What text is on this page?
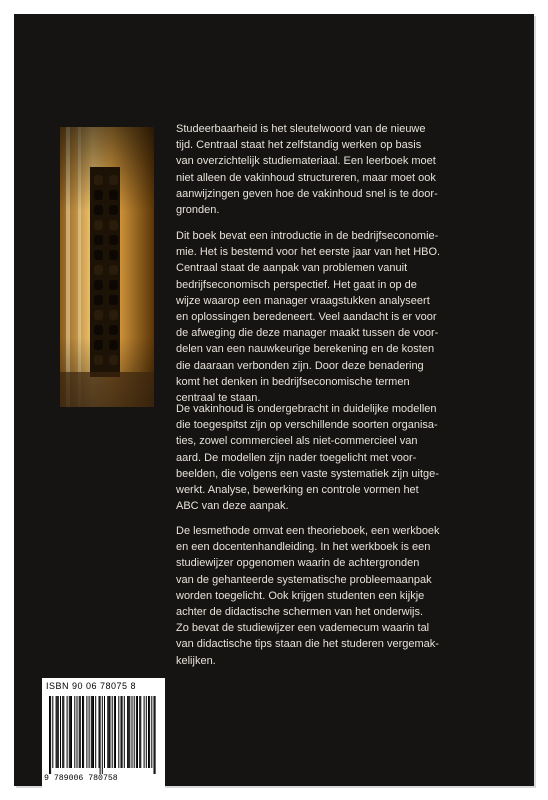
Studeerbaarheid is het sleutelwoord van de nieuwe
tijd. Centraal staat het zelfstandig werken op basis
van overzichtelijk studiemateriaal. Een leerboek moet
niet alleen de vakinhoud structureren, maar moet ook
aanwijzingen geven hoe de vakinhoud snel is te door-
gronden.
Dit boek bevat een introductie in de bedrijfseconomie-
mie. Het is bestemd voor het eerste jaar van het HBO.
Centraal staat de aanpak van problemen vanuit
bedrijfseconomisch perspectief. Het gaat in op de
wijze waarop een manager vraagstukken analyseert
en oplossingen beredeneert. Veel aandacht is er voor
de afweging die deze manager maakt tussen de voor-
delen van een nauwkeurige berekening en de kosten
die daaraan verbonden zijn. Door deze benadering
komt het denken in bedrijfseconomische termen
centraal te staan.
De vakinhoud is ondergebracht in duidelijke modellen
die toegespitst zijn op verschillende soorten organisa-
ties, zowel commercieel als niet-commercieel van
aard. De modellen zijn nader toegelicht met voor-
beelden, die volgens een vaste systematiek zijn uitge-
werkt. Analyse, bewerking en controle vormen het
ABC van deze aanpak.
De lesmethode omvat een theorieboek, een werkboek
en een docentenhandleiding. In het werkboek is een
studiewijzer opgenomen waarin de achtergronden
van de gehanteerde systematische probleemaanpak
worden toegelicht. Ook krijgen studenten een kijkje
achter de didactische schermen van het onderwijs.
Zo bevat de studiewijzer een vademecum waarin tal
van didactische tips staan die het studeren vergemak-
kelijken.
ISBN 90 06 78075 8
9 789006 780758
